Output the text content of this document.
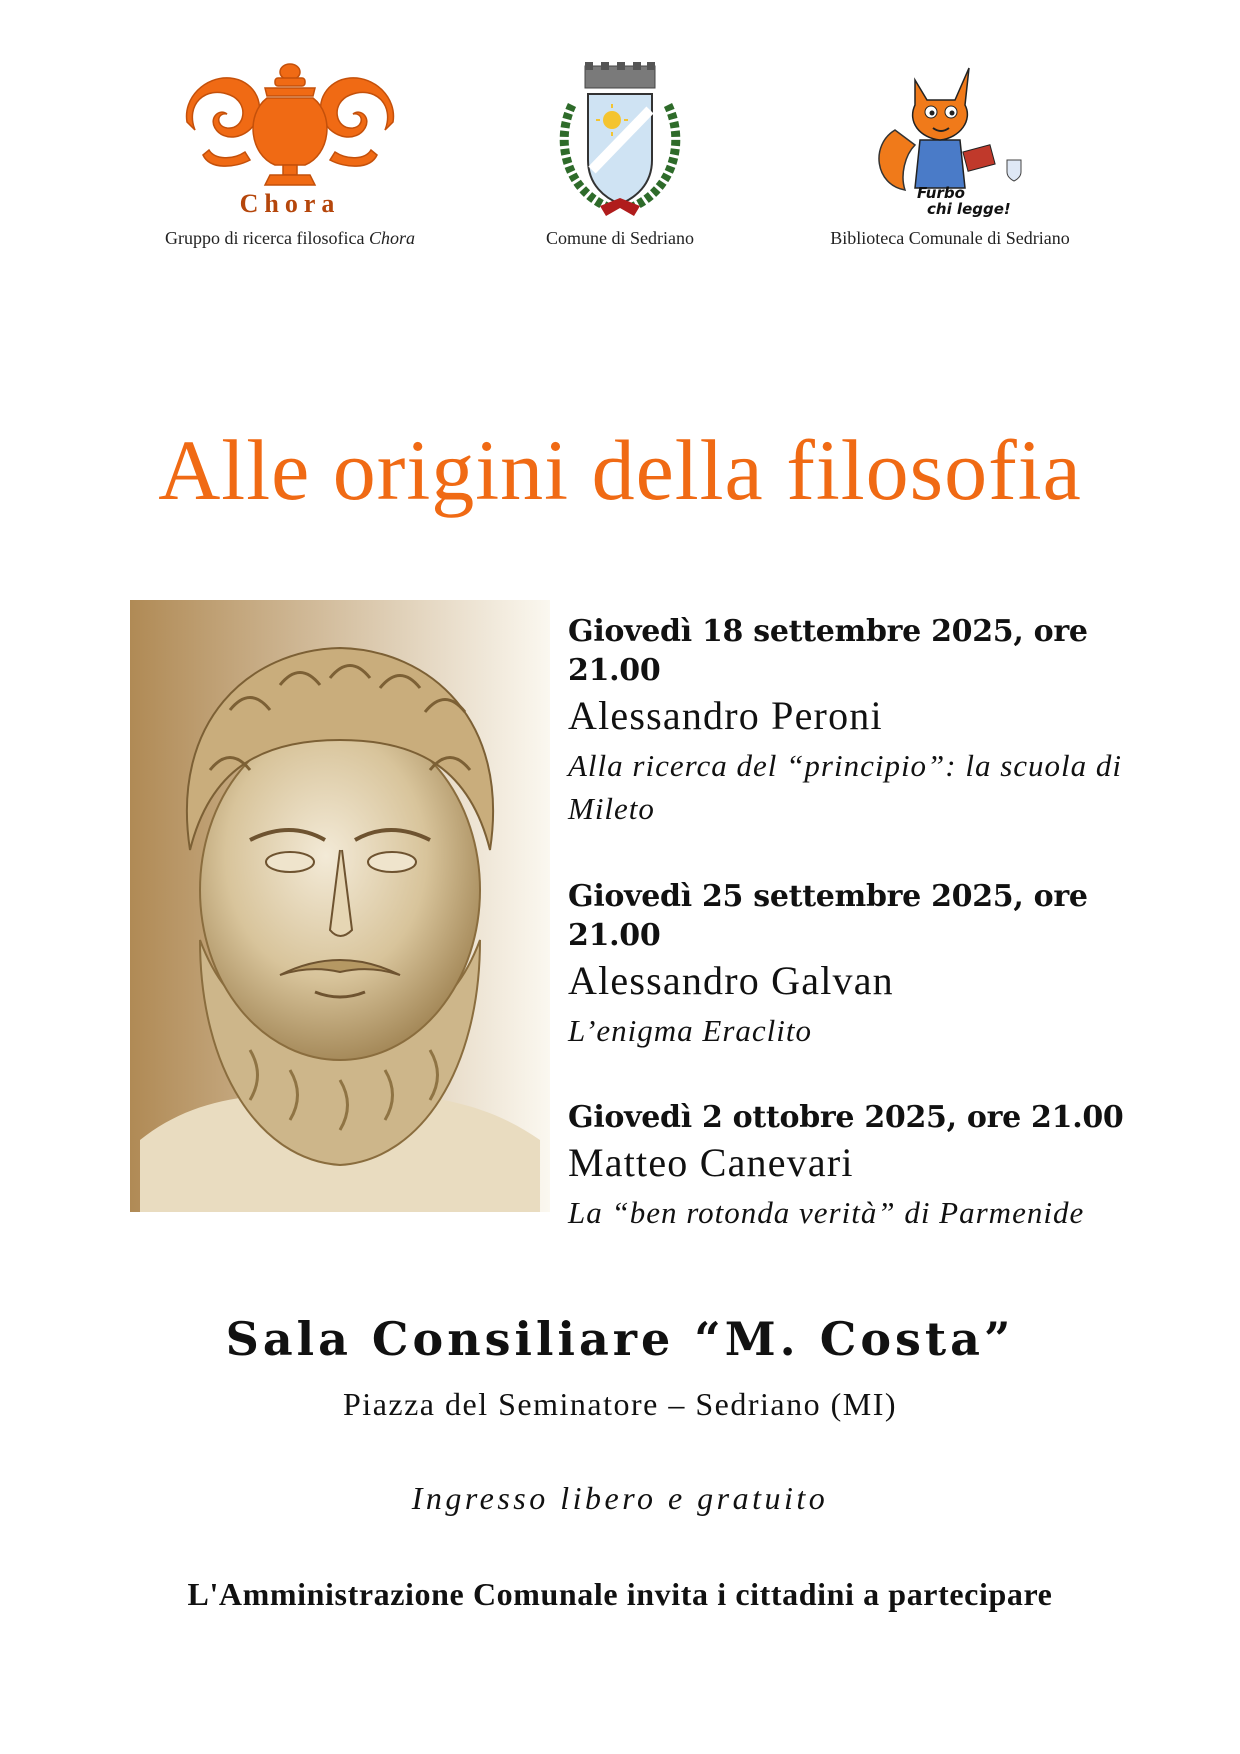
Chora
Gruppo di ricerca filosofica Chora	Comune di Sedriano
Furbo
chi legge!
Biblioteca Comunale di Sedriano
Alle origini della filosofia
Giovedì 18 settembre 2025, ore 21.00
Alessandro Peroni
Alla ricerca del “principio”: la scuola di Mileto
Giovedì 25 settembre 2025, ore 21.00
Alessandro Galvan
L’enigma Eraclito
Giovedì 2 ottobre 2025, ore 21.00
Matteo Canevari
La “ben rotonda verità” di Parmenide
Sala Consiliare “M. Costa”
Piazza del Seminatore – Sedriano (MI)
Ingresso libero e gratuito
L'Amministrazione Comunale invita i cittadini a partecipare
